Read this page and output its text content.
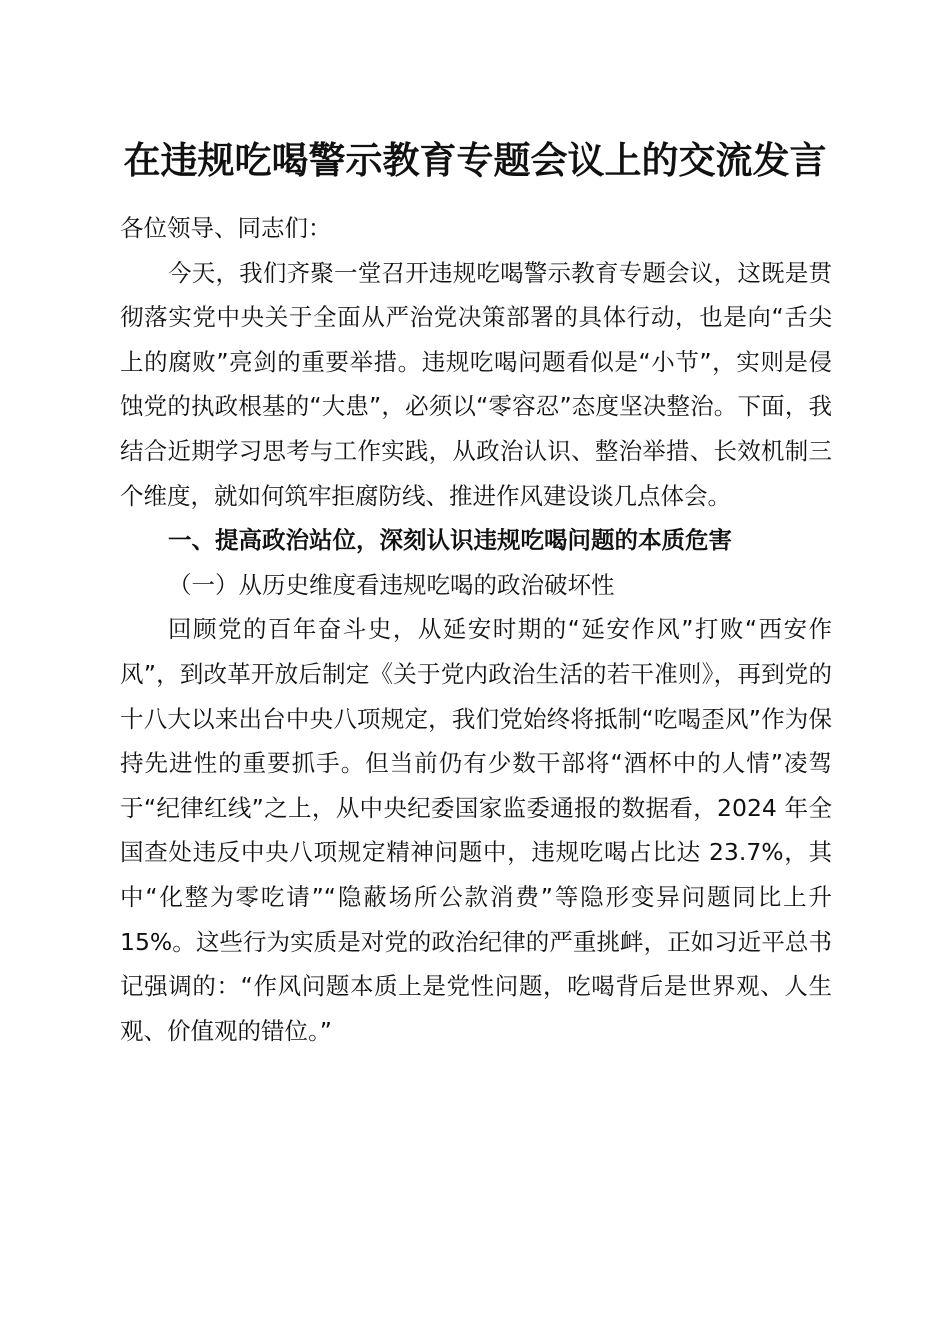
在违规吃喝警示教育专题会议上的交流发言

各位领导、同志们：

今天，我们齐聚一堂召开违规吃喝警示教育专题会议，这既是贯彻落实党中央关于全面从严治党决策部署的具体行动，也是向“舌尖上的腐败”亮剑的重要举措。违规吃喝问题看似是“小节”，实则是侵蚀党的执政根基的“大患”，必须以“零容忍”态度坚决整治。下面，我结合近期学习思考与工作实践，从政治认识、整治举措、长效机制三个维度，就如何筑牢拒腐防线、推进作风建设谈几点体会。

一、提高政治站位，深刻认识违规吃喝问题的本质危害

（一）从历史维度看违规吃喝的政治破坏性

回顾党的百年奋斗史，从延安时期的“延安作风”打败“西安作风”，到改革开放后制定《关于党内政治生活的若干准则》，再到党的十八大以来出台中央八项规定，我们党始终将抵制“吃喝歪风”作为保持先进性的重要抓手。但当前仍有少数干部将“酒杯中的人情”凌驾于“纪律红线”之上，从中央纪委国家监委通报的数据看，2024 年全国查处违反中央八项规定精神问题中，违规吃喝占比达 23.7%，其中“化整为零吃请”“隐蔽场所公款消费”等隐形变异问题同比上升 15%。这些行为实质是对党的政治纪律的严重挑衅，正如习近平总书记强调的：“作风问题本质上是党性问题，吃喝背后是世界观、人生观、价值观的错位。”
